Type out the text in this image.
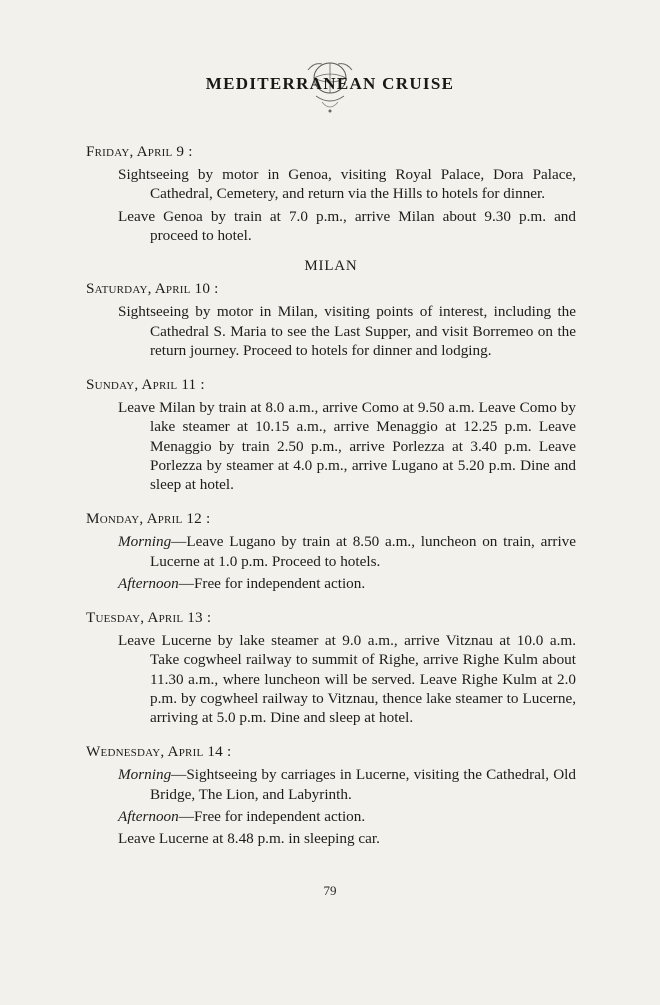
MEDITERRANEAN CRUISE
Friday, April 9 :
Sightseeing by motor in Genoa, visiting Royal Palace, Dora Palace, Cathedral, Cemetery, and return via the Hills to hotels for dinner.
Leave Genoa by train at 7.0 p.m., arrive Milan about 9.30 p.m. and proceed to hotel.
MILAN
Saturday, April 10 :
Sightseeing by motor in Milan, visiting points of interest, including the Cathedral S. Maria to see the Last Supper, and visit Borremeo on the return journey. Proceed to hotels for dinner and lodging.
Sunday, April 11 :
Leave Milan by train at 8.0 a.m., arrive Como at 9.50 a.m. Leave Como by lake steamer at 10.15 a.m., arrive Menaggio at 12.25 p.m. Leave Menaggio by train 2.50 p.m., arrive Porlezza at 3.40 p.m. Leave Porlezza by steamer at 4.0 p.m., arrive Lugano at 5.20 p.m. Dine and sleep at hotel.
Monday, April 12 :
Morning—Leave Lugano by train at 8.50 a.m., luncheon on train, arrive Lucerne at 1.0 p.m. Proceed to hotels.
Afternoon—Free for independent action.
Tuesday, April 13 :
Leave Lucerne by lake steamer at 9.0 a.m., arrive Vitznau at 10.0 a.m. Take cogwheel railway to summit of Righe, arrive Righe Kulm about 11.30 a.m., where luncheon will be served. Leave Righe Kulm at 2.0 p.m. by cogwheel railway to Vitznau, thence lake steamer to Lucerne, arriving at 5.0 p.m. Dine and sleep at hotel.
Wednesday, April 14 :
Morning—Sightseeing by carriages in Lucerne, visiting the Cathedral, Old Bridge, The Lion, and Labyrinth.
Afternoon—Free for independent action.
Leave Lucerne at 8.48 p.m. in sleeping car.
79
